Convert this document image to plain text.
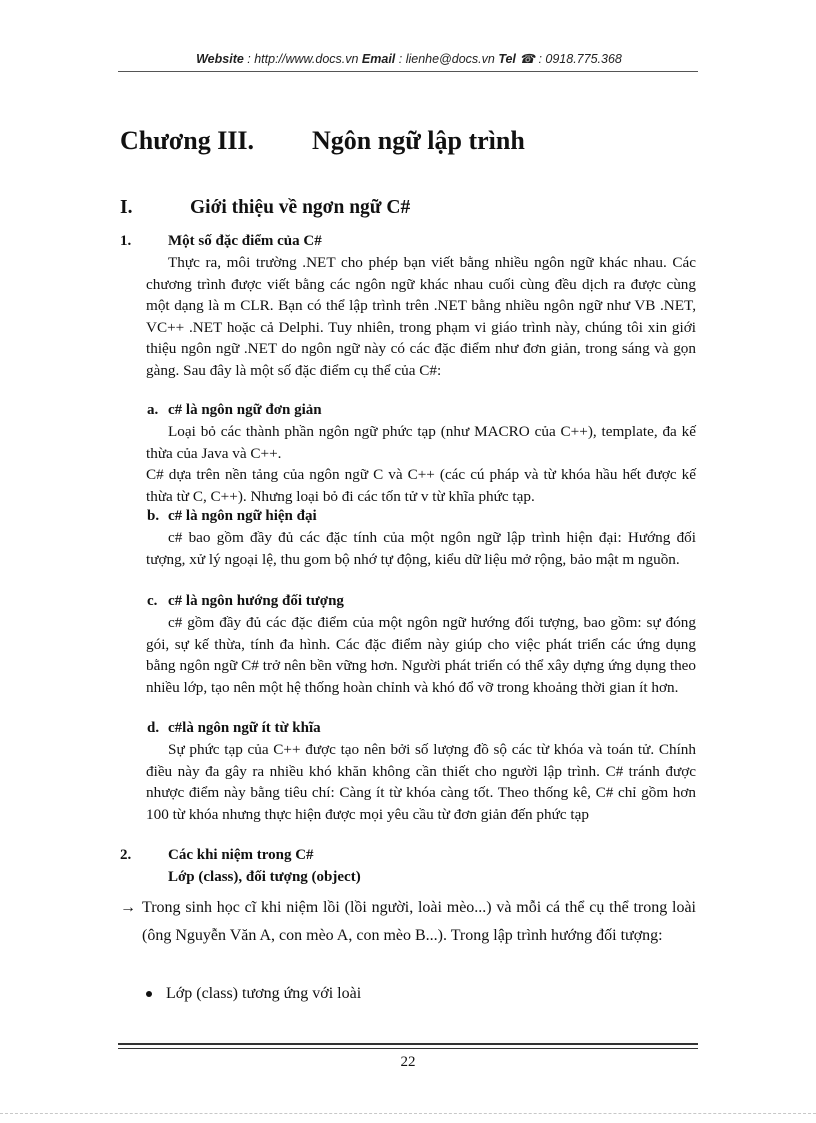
Website : http://www.docs.vn Email : lienhe@docs.vn Tel ☎ : 0918.775.368
Chương III. Ngôn ngữ lập trình
I.	Giới thiệu về ngơn ngữ C#
1. Một số đặc điểm của C#
Thực ra, môi trường .NET cho phép bạn viết bằng nhiều ngôn ngữ khác nhau. Các chương trình được viết bằng các ngôn ngữ khác nhau cuối cùng đều dịch ra được cùng một dạng là m CLR. Bạn có thể lập trình trên .NET bằng nhiều ngôn ngữ như VB .NET, VC++ .NET hoặc cả Delphi. Tuy nhiên, trong phạm vi giáo trình này, chúng tôi xin giới thiệu ngôn ngữ .NET do ngôn ngữ này có các đặc điểm như đơn giản, trong sáng và gọn gàng. Sau đây là một số đặc điểm cụ thể của C#:
a. c# là ngôn ngữ đơn giản
Loại bỏ các thành phần ngôn ngữ phức tạp (như MACRO của C++), template, đa kế thừa của Java và C++.
C# dựa trên nền tảng của ngôn ngữ C và C++ (các cú pháp và từ khóa hầu hết được kế thừa từ C, C++). Nhưng loại bỏ đi các tốn tử v từ khĩa phức tạp.
b. c# là ngôn ngữ hiện đại
c# bao gồm đầy đủ các đặc tính của một ngôn ngữ lập trình hiện đại: Hướng đối tượng, xử lý ngoại lệ, thu gom bộ nhớ tự động, kiểu dữ liệu mở rộng, bảo mật m nguồn.
c. c# là ngôn hướng đối tượng
c# gồm đầy đủ các đặc điểm của một ngôn ngữ hướng đối tượng, bao gồm: sự đóng gói, sự kế thừa, tính đa hình. Các đặc điểm này giúp cho việc phát triển các ứng dụng bằng ngôn ngữ C# trở nên bền vững hơn. Người phát triển có thể xây dựng ứng dụng theo nhiều lớp, tạo nên một hệ thống hoàn chỉnh và khó đổ vỡ trong khoảng thời gian ít hơn.
d. c#là ngôn ngữ ít từ khĩa
Sự phức tạp của C++ được tạo nên bởi số lượng đồ sộ các từ khóa và toán tử. Chính điều này đa gây ra nhiều khó khăn không cần thiết cho người lập trình. C# tránh được nhược điểm này bằng tiêu chí: Càng ít từ khóa càng tốt. Theo thống kê, C# chỉ gồm hơn 100 từ khóa nhưng thực hiện được mọi yêu cầu từ đơn giản đến phức tạp
2. Các khi niệm trong C#
Lớp (class), đối tượng (object)
→ Trong sinh học cĩ khi niệm lồi (lồi người, loài mèo...) và mỗi cá thể cụ thể trong loài (ông Nguyễn Văn A, con mèo A, con mèo B...). Trong lập trình hướng đối tượng:
Lớp (class) tương ứng với loài
22
